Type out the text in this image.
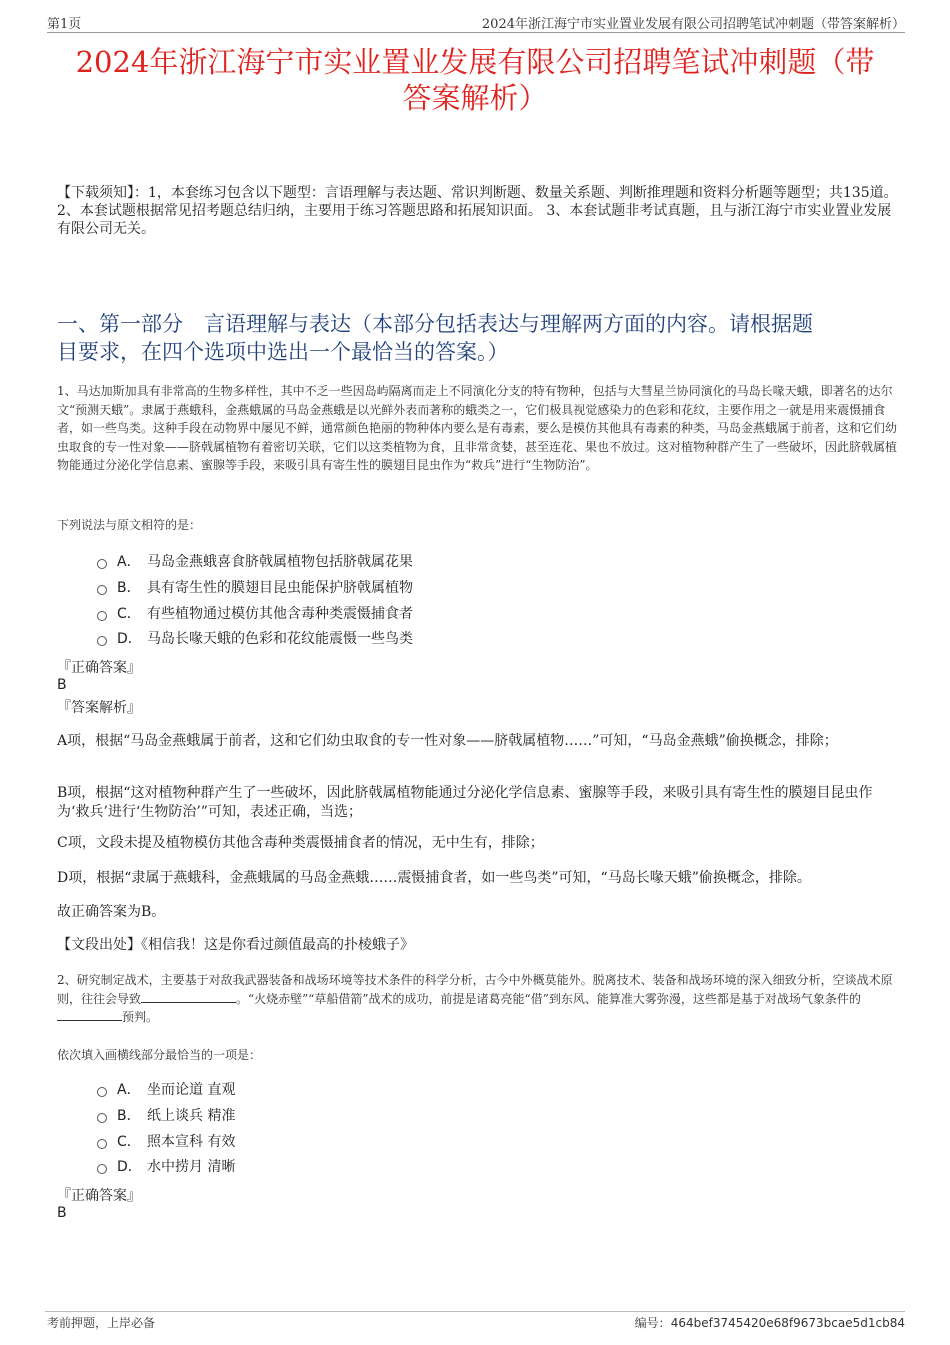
第1页	2024年浙江海宁市实业置业发展有限公司招聘笔试冲刺题（带答案解析）
2024年浙江海宁市实业置业发展有限公司招聘笔试冲刺题（带
答案解析）
【下载须知】：1，本套练习包含以下题型：言语理解与表达题、常识判断题、数量关系题、判断推理题和资料分析题等题型；共135道。 2、本套试题根据常见招考题总结归纳，主要用于练习答题思路和拓展知识面。 3、本套试题非考试真题，且与浙江海宁市实业置业发展有限公司无关。
一、第一部分　言语理解与表达（本部分包括表达与理解两方面的内容。请根据题
目要求，在四个选项中选出一个最恰当的答案。）
1、马达加斯加具有非常高的生物多样性，其中不乏一些因岛屿隔离而走上不同演化分支的特有物种，包括与大彗星兰协同演化的马岛长喙天蛾，即著名的达尔文“预测天蛾”。隶属于燕蛾科，金燕蛾属的马岛金燕蛾是以光鲜外表而著称的蛾类之一，它们极具视觉感染力的色彩和花纹，主要作用之一就是用来震慑捕食者，如一些鸟类。这种手段在动物界中屡见不鲜，通常颜色艳丽的物种体内要么是有毒素，要么是模仿其他具有毒素的种类，马岛金燕蛾属于前者，这和它们幼虫取食的专一性对象——脐戟属植物有着密切关联，它们以这类植物为食，且非常贪婪，甚至连花、果也不放过。这对植物种群产生了一些破坏，因此脐戟属植物能通过分泌化学信息素、蜜腺等手段，来吸引具有寄生性的膜翅目昆虫作为“救兵”进行“生物防治”。
下列说法与原文相符的是：
A． 马岛金燕蛾喜食脐戟属植物包括脐戟属花果
B． 具有寄生性的膜翅目昆虫能保护脐戟属植物
C． 有些植物通过模仿其他含毒种类震慑捕食者
D． 马岛长喙天蛾的色彩和花纹能震慑一些鸟类
『正确答案』
B
『答案解析』
A项，根据“马岛金燕蛾属于前者，这和它们幼虫取食的专一性对象——脐戟属植物……”可知，“马岛金燕蛾”偷换概念，排除；
B项，根据“这对植物种群产生了一些破坏，因此脐戟属植物能通过分泌化学信息素、蜜腺等手段，来吸引具有寄生性的膜翅目昆虫作为‘救兵’进行‘生物防治’”可知，表述正确，当选；
C项，文段未提及植物模仿其他含毒种类震慑捕食者的情况，无中生有，排除；
D项，根据“隶属于燕蛾科，金燕蛾属的马岛金燕蛾……震慑捕食者，如一些鸟类”可知，“马岛长喙天蛾”偷换概念，排除。
故正确答案为B。
【文段出处】《相信我！这是你看过颜值最高的扑棱蛾子》
2、研究制定战术，主要基于对敌我武器装备和战场环境等技术条件的科学分析，古今中外概莫能外。脱离技术、装备和战场环境的深入细致分析，空谈战术原则，往往会导致	。“火烧赤壁”“草船借箭”战术的成功，前提是诸葛亮能“借”到东风、能算准大雾弥漫，这些都是基于对战场气象条件的预判。
依次填入画横线部分最恰当的一项是：
A． 坐而论道 直观
B． 纸上谈兵 精准
C． 照本宣科 有效
D． 水中捞月 清晰
『正确答案』
B
考前押题，上岸必备	编号：464bef3745420e68f9673bcae5d1cb84
